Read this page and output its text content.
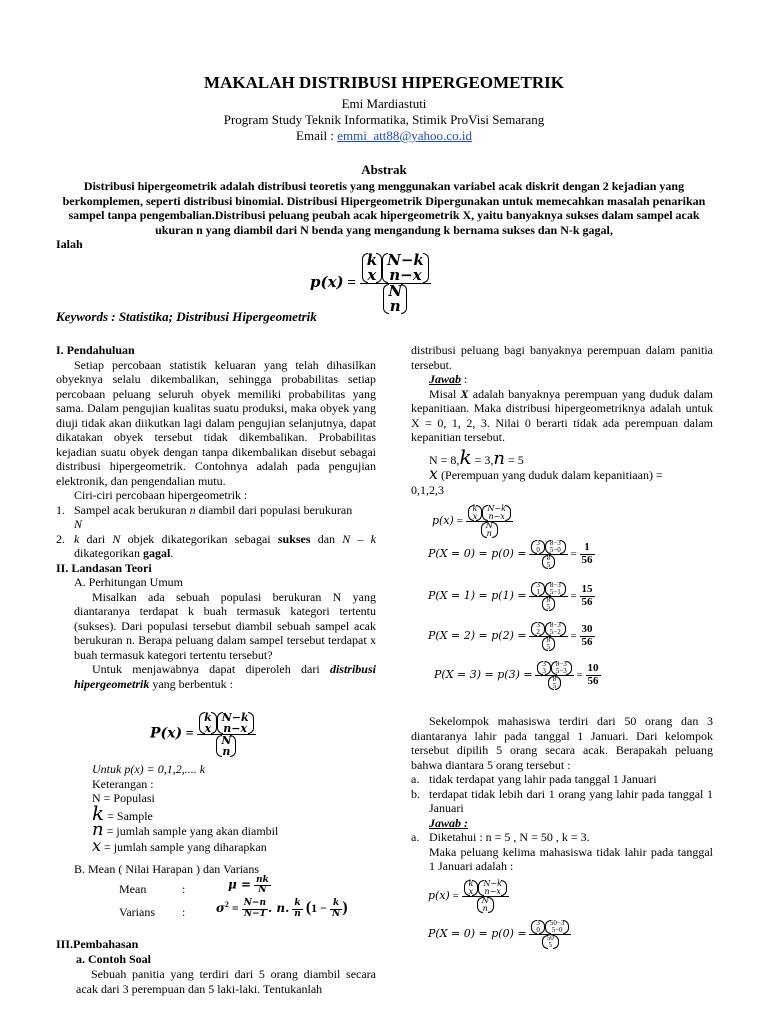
MAKALAH DISTRIBUSI HIPERGEOMETRIK
Emi Mardiastuti
Program Study Teknik Informatika, Stimik ProVisi Semarang
Email : emmi_att88@yahoo.co.id
Abstrak
Distribusi hipergeometrik adalah distribusi teoretis yang menggunakan variabel acak diskrit dengan 2 kejadian yang berkomplemen, seperti distribusi binomial. Distribusi Hipergeometrik Dipergunakan untuk memecahkan masalah penarikan sampel tanpa pengembalian.Distribusi peluang peubah acak hipergeometrik X, yaitu banyaknya sukses dalam sampel acak ukuran n yang diambil dari N benda yang mengandung k bernama sukses dan N-k gagal,
Ialah
p(x) =
k
x
N−k
n−x
N
n
Keywords : Statistika; Distribusi Hipergeometrik
I. Pendahuluan
Setiap percobaan statistik keluaran yang telah dihasilkan obyeknya selalu dikembalikan, sehingga probabilitas setiap percobaan peluang seluruh obyek memiliki probabilitas yang sama. Dalam pengujian kualitas suatu produksi, maka obyek yang diuji tidak akan diikutkan lagi dalam pengujian selanjutnya, dapat dikatakan obyek tersebut tidak dikembalikan. Probabilitas kejadian suatu obyek dengan tanpa dikembalikan disebut sebagai distribusi hipergeometrik. Contohnya adalah pada pengujian elektronik, dan pengendalian mutu.
Ciri-ciri percobaan hipergeometrik :
1. Sampel acak berukuran n diambil dari populasi berukuran
N
2. k dari N objek dikategorikan sebagai sukses dan N – k dikategorikan gagal.
II. Landasan Teori
A. Perhitungan Umum
Misalkan ada sebuah populasi berukuran N yang diantaranya terdapat k buah termasuk kategori tertentu (sukses). Dari populasi tersebut diambil sebuah sampel acak berukuran n. Berapa peluang dalam sampel tersebut terdapat x buah termasuk kategori tertentu tersebut?
Untuk menjawabnya dapat diperoleh dari distribusi hipergeometrik yang berbentuk :
P(x) =
k
x
N−k
n−x
N
n
Untuk p(x) = 0,1,2,.... k
Keterangan :
N = Populasi
k = Sample
n = jumlah sample yang akan diambil
x = jumlah sample yang diharapkan
B. Mean ( Nilai Harapan ) dan Varians
Mean	:	$\mu = \frac{nk}{N}$
Varians :	$\sigma^2 = \frac{N-n}{N-1}$ . n. $\frac{k}{n} (1 - \frac{k}{N}$ )
III.Pembahasan
a. Contoh Soal
Sebuah panitia yang terdiri dari 5 orang diambil secara acak dari 3 perempuan dan 5 laki-laki. Tentukanlah
distribusi peluang bagi banyaknya perempuan dalam panitia tersebut.
Jawab :
Misal X adalah banyaknya perempuan yang duduk dalam kepanitiaan. Maka distribusi hipergeometriknya adalah untuk X = 0, 1, 2, 3. Nilai 0 berarti tidak ada perempuan dalam kepanitian tersebut.
N = 8,k = 3,n = 5
x (Perempuan yang duduk dalam kepanitiaan) =
0,1,2,3
p(x) =
k
x
N−k
n−x
N
n
P(X = 0) = p(0) = 3
0
8−3
5−0
8
$5 = \frac{1}{56}$
P(X = 1) = p(1) = 3
1
8−3
5−1
8
$5 = \frac{15}{56}$
P(X = 2) = p(2) = 3
2
8−3
5−2
8
$5 = \frac{30}{56}$
P(X = 3) = p(3) = 3
3
8−3
5−3
8
$5 = \frac{10}{56}$
Sekelompok mahasiswa terdiri dari 50 orang dan 3 diantaranya lahir pada tanggal 1 Januari. Dari kelompok tersebut dipilih 5 orang secara acak. Berapakah peluang bahwa diantara 5 orang tersebut :
a. tidak terdapat yang lahir pada tanggal 1 Januari
b. terdapat tidak lebih dari 1 orang yang lahir pada tanggal 1 Januari
Jawab :
a. Diketahui : n = 5 , N = 50 , k = 3.
Maka peluang kelima mahasiswa tidak lahir pada tanggal 1 Januari adalah :
p(x) =
k
x
N−k
n−x
N
n
P(X = 0) = p(0) = 3
0
50−3
5−0
50
5
